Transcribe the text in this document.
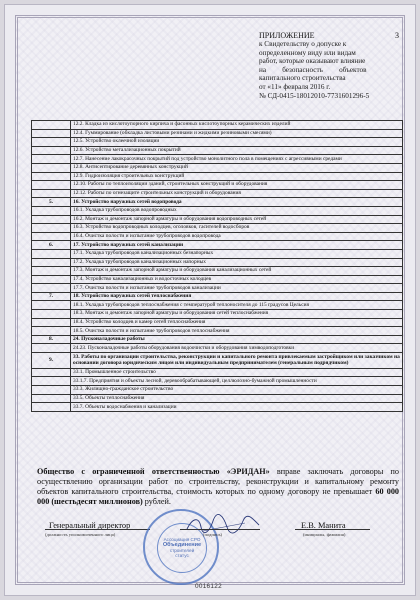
ПРИЛОЖЕНИЕ	3
к Свидетельству о допуске к
определенному виду или видам
работ, которые оказывают влияние
на         безопасность         объектов
капитального строительства
от «11» февраля 2016 г.
№ СД-0415-18012010-7731601296-5
	12.2. Кладка из кислотоупорного кирпича и фасонных кислотоупорных керамических изделий
	12.4. Гуммирование (обкладка листовыми резинами и жидкими резиновыми смесями)
	12.5. Устройство оклеечной изоляции
	12.6. Устройство металлизационных покрытий
	12.7. Нанесение лакокрасочных покрытий под устройство монолитного пола в помещениях с агрессивными средами
	12.8. Антисептирование деревянных конструкций
	12.9. Гидроизоляция строительных конструкций
	12.10. Работы по теплоизоляции зданий, строительных конструкций и оборудования
	12.12. Работы по огнезащите строительных конструкций и оборудования
5.	16. Устройство наружных сетей водопровода
	16.1. Укладка трубопроводов водопроводных
	16.2. Монтаж и демонтаж запорной арматуры и оборудования водопроводных сетей
	16.3. Устройство водопроводных колодцев, оголовков, гасителей водосборов
	16.4. Очистка полости и испытание трубопроводов водопровода
6.	17. Устройство наружных сетей канализации
	17.1. Укладка трубопроводов канализационных безнапорных
	17.2. Укладка трубопроводов канализационных напорных
	17.3. Монтаж и демонтаж запорной арматуры и оборудования канализационных сетей
	17.4. Устройство канализационных и водосточных колодцев
	17.7. Очистка полости и испытание трубопроводов канализации
7.	18. Устройство наружных сетей теплоснабжения
	18.1. Укладка трубопроводов теплоснабжения с температурой теплоносителя до 115 градусов Цельсия
	18.3. Монтаж и демонтаж запорной арматуры и оборудования сетей теплоснабжения
	18.4. Устройство колодцев и камер сетей теплоснабжения
	18.5. Очистка полости и испытание трубопроводов теплоснабжения
8.	24. Пусконаладочные работы
	24.23. Пусконаладочные работы оборудования водоочистки и оборудования химводоподготовки
9.	33. Работы по организации строительства, реконструкции и капитального ремонта привлекаемым застройщиком или заказчиком на основании договора юридическим лицом или индивидуальным предпринимателем (генеральным подрядчиком)
	33.1. Промышленное строительство
	33.1.7. Предприятия и объекты лесной, деревообрабатывающей, целлюлозно-бумажной промышленности
	33.3. Жилищно-гражданское строительство
	33.5. Объекты теплоснабжения
	33.7. Объекты водоснабжения и канализации
Общество с ограниченной ответственностью «ЭРИДАН» вправе заключать договоры по осуществлению организации работ по строительству, реконструкции и капитальному ремонту объектов капитального строительства, стоимость которых по одному договору не превышает 60 000 000 (шестьдесят миллионов) рублей.
Генеральный директор
(должность уполномоченного лица)
Ассоциация СРО
Объединение
строителей
статус
(подпись)
Е.В. Манита
(инициалы, фамилия)
0016122
